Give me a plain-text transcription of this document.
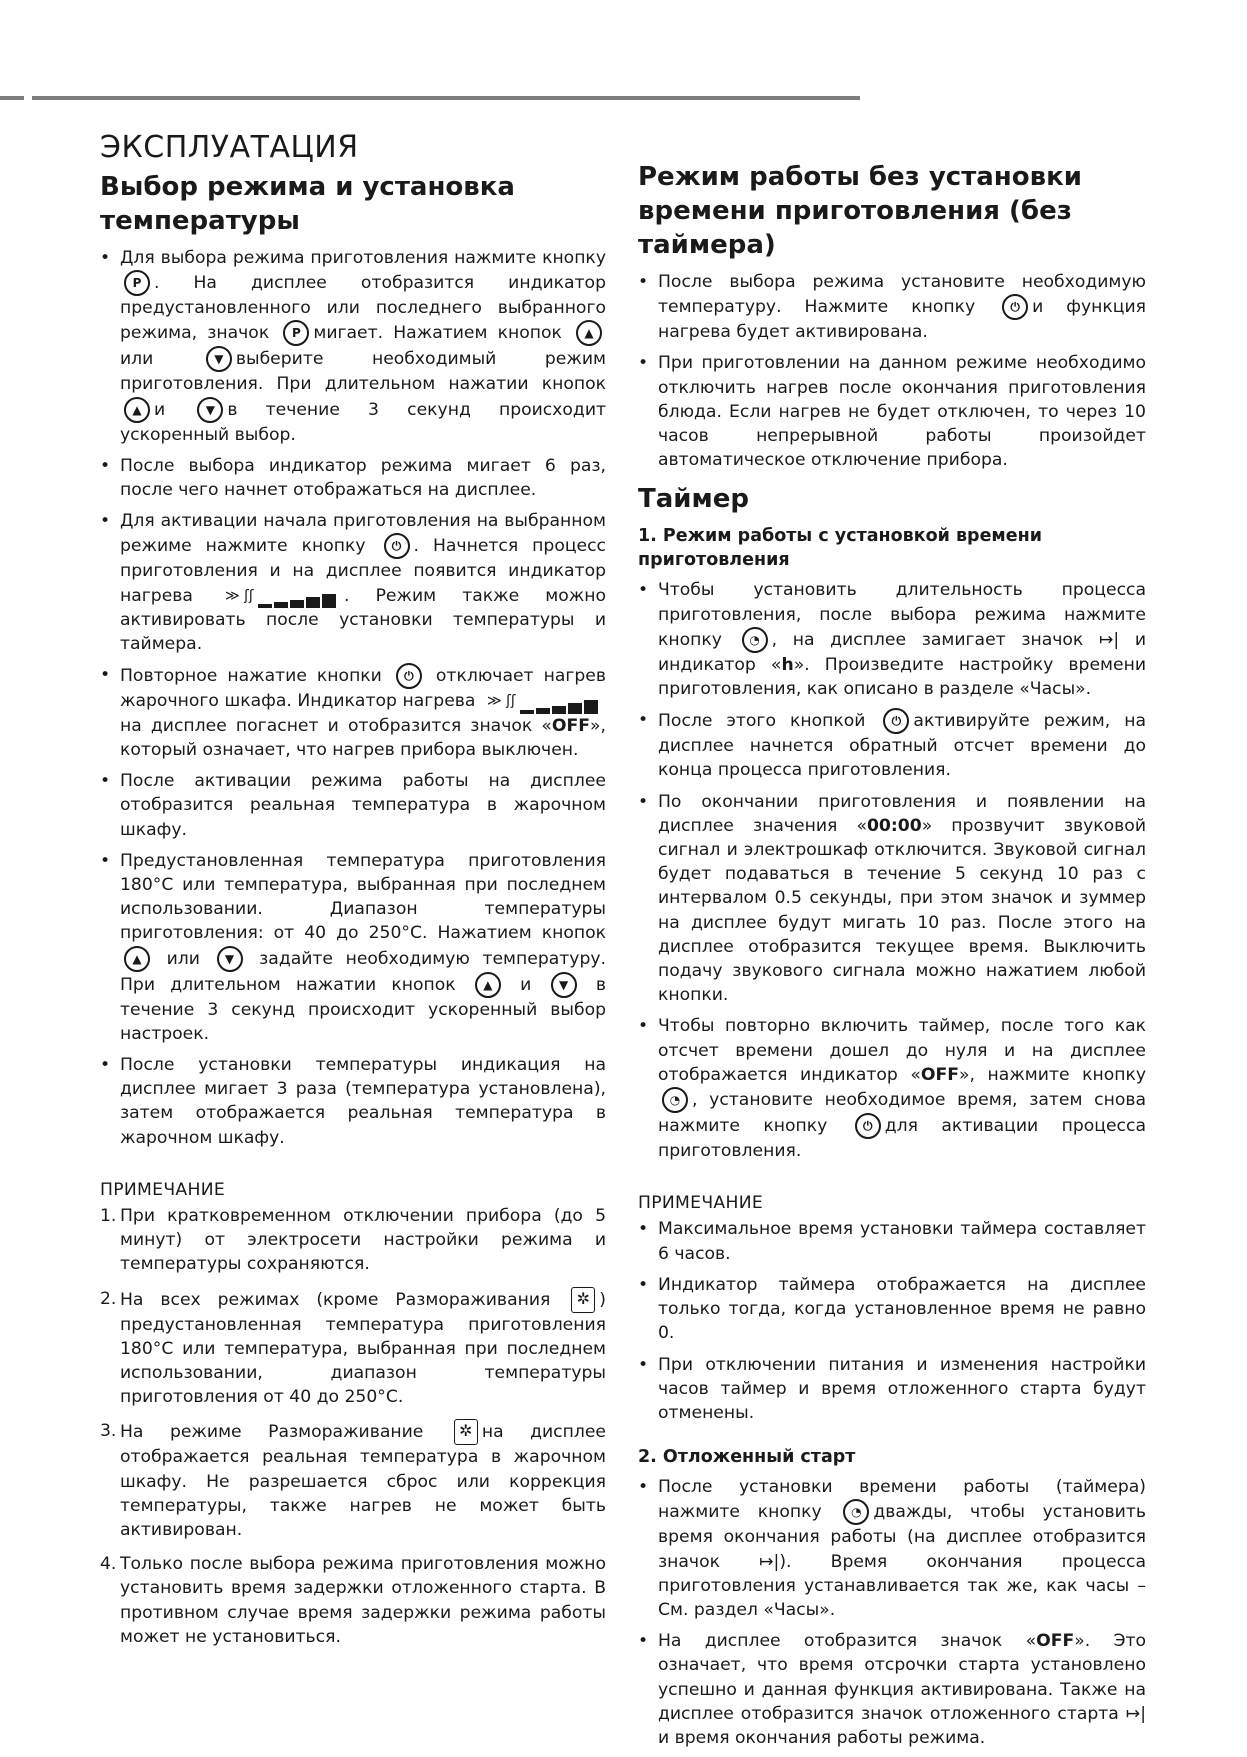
ЭКСПЛУАТАЦИЯ
Выбор режима и установка температуры
• Для выбора режима приготовления нажмите кнопку P . На дисплее отобразится индикатор предустановленного или последнего выбранного режима, значок P мигает. Нажатием кнопок ▲или	▼ выберите необходимый режим приготовления. При длительном нажатии кнопок ▲ и	▼ в течение 3 секунд происходит ускоренный выбор.
• После выбора индикатор режима мигает 6 раз, после чего начнет отображаться на дисплее.
• Для активации начала приготовления на выбранном режиме нажмите кнопку ⏻ . Начнется процесс приготовления и на дисплее появится индикатор нагрева ≫ ʃʃ	. Режим также можно активировать после установки температуры и таймера.
• Повторное нажатие кнопки ⏻ отключает нагрев жарочного шкафа. Индикатор нагрева ≫ ʃʃ  на дисплее погаснет и отобразится значок «OFF», который означает, что нагрев прибора выключен.
• После активации режима работы на дисплее отобразится реальная температура в жарочном шкафу.
• Предустановленная температура приготовления 180°C или температура, выбранная при последнем использовании. Диапазон температуры приготовления: от 40 до 250°C. Нажатием кнопок ▲ или ▼ задайте необходимую температуру. При длительном нажатии кнопок ▲ и ▼ в течение 3 секунд происходит ускоренный выбор настроек.
• После установки температуры индикация на дисплее мигает 3 раза (температура установлена), затем отображается реальная температура в жарочном шкафу.
ПРИМЕЧАНИЕ
1. При кратковременном отключении прибора (до 5 минут) от электросети настройки режима и температуры сохраняются.
2. На всех режимах (кроме Размораживания ✲ ) предустановленная температура приготовления 180°C или температура, выбранная при последнем использовании, диапазон температуры приготовления от 40 до 250°C.
3. На режиме Размораживание ✲ на дисплее отображается реальная температура в жарочном шкафу. Не разрешается сброс или коррекция температуры, также нагрев не может быть активирован.
4. Только после выбора режима приготовления можно установить время задержки отложенного старта. В противном случае время задержки режима работы может не установиться.
Режим работы без установки времени приготовления (без таймера)
• После выбора режима установите необходимую температуру. Нажмите кнопку	⏻ и функция нагрева будет активирована.
• При приготовлении на данном режиме необходимо отключить нагрев после окончания приготовления блюда. Если нагрев не будет отключен, то через 10 часов непрерывной работы произойдет автоматическое отключение прибора.
Таймер
1. Режим работы с установкой времени приготовления
• Чтобы установить длительность процесса приготовления, после выбора режима нажмите кнопку ◔ , на дисплее замигает значок ↦| и индикатор «h». Произведите настройку времени приготовления, как описано в разделе «Часы».
• После этого кнопкой ⏻ активируйте режим, на дисплее начнется обратный отсчет времени до конца процесса приготовления.
• По окончании приготовления и появлении на дисплее значения «00:00» прозвучит звуковой сигнал и электрошкаф отключится. Звуковой сигнал будет подаваться в течение 5 секунд 10 раз с интервалом 0.5 секунды, при этом значок и зуммер на дисплее будут мигать 10 раз. После этого на дисплее отобразится текущее время. Выключить подачу звукового сигнала можно нажатием любой кнопки.
• Чтобы повторно включить таймер, после того как отсчет времени дошел до нуля и на дисплее отображается индикатор «OFF», нажмите кнопку ◔ , установите необходимое время, затем снова нажмите кнопку	⏻ для активации процесса приготовления.
ПРИМЕЧАНИЕ
• Максимальное время установки таймера составляет 6 часов.
• Индикатор таймера отображается на дисплее только тогда, когда установленное время не равно 0.
• При отключении питания и изменения настройки часов таймер и время отложенного старта будут отменены.
2. Отложенный старт
• После установки времени работы (таймера) нажмите кнопку ◔ дважды, чтобы установить время окончания работы (на дисплее отобразится значок ↦|). Время окончания процесса приготовления устанавливается так же, как часы – См. раздел «Часы».
• На дисплее отобразится значок «OFF». Это означает, что время отсрочки старта установлено успешно и данная функция активирована. Также на дисплее отобразится значок отложенного старта ↦| и время окончания работы режима.
